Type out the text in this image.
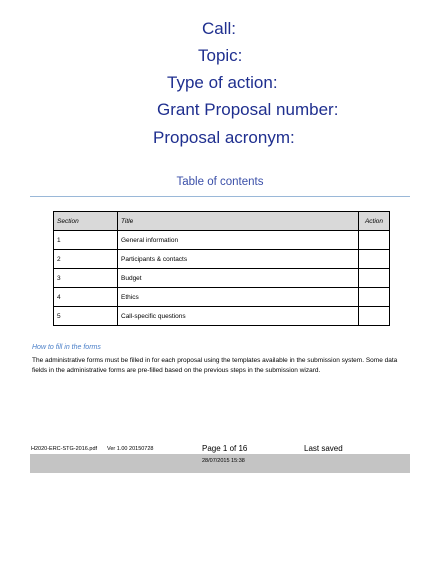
Call:
Topic:
Type of action:
Grant Proposal number:
Proposal acronym:
Table of contents
Section	Title	Action
1	General information	
2	Participants & contacts	
3	Budget	
4	Ethics	
5	Call-specific questions	
How to fill in the forms
The administrative forms must be filled in for each proposal using the templates available in the submission system. Some data fields in the administrative forms are pre-filled based on the previous steps in the submission wizard.
H2020-ERC-STG-2016.pdf Ver 1.00 20150728	Page 1 of 16	Last saved
28/07/2015 15:38
